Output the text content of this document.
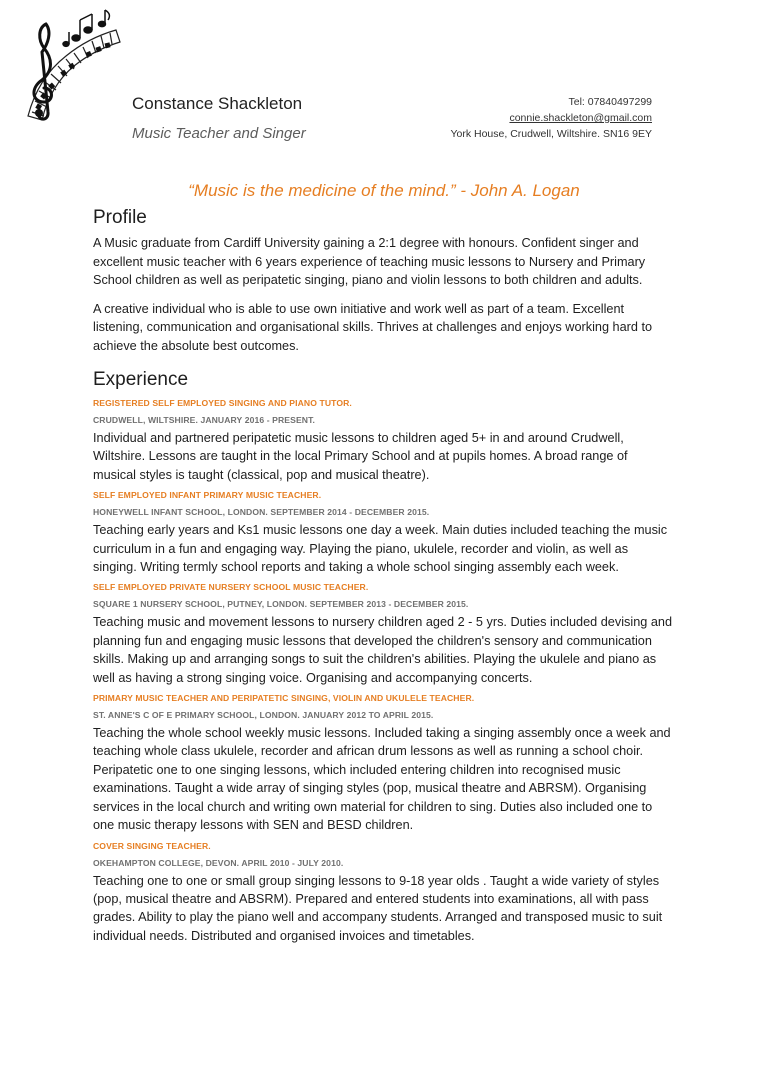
Constance Shackleton
Music Teacher and Singer
Tel: 07840497299
connie.shackleton@gmail.com
York House, Crudwell, Wiltshire. SN16 9EY
“Music is the medicine of the mind.” - John A. Logan
Profile

A Music graduate from Cardiff University gaining a 2:1 degree with honours. Confident singer and excellent music teacher with 6 years experience of teaching music lessons to Nursery and Primary School children as well as peripatetic singing, piano and violin lessons to both children and adults.

A creative individual who is able to use own initiative and work well as part of a team. Excellent listening, communication and organisational skills. Thrives at challenges and enjoys working hard to achieve the absolute best outcomes.

Experience
REGISTERED SELF EMPLOYED SINGING AND PIANO TUTOR.
CRUDWELL, WILTSHIRE. JANUARY 2016 - PRESENT.

Individual and partnered peripatetic music lessons to children aged 5+ in and around Crudwell, Wiltshire. Lessons are taught in the local Primary School and at pupils homes. A broad range of musical styles is taught (classical, pop and musical theatre).

SELF EMPLOYED INFANT PRIMARY MUSIC TEACHER.
HONEYWELL INFANT SCHOOL, LONDON. SEPTEMBER 2014 - DECEMBER 2015.

Teaching early years and Ks1 music lessons one day a week. Main duties included teaching the music curriculum in a fun and engaging way. Playing the piano, ukulele, recorder and violin, as well as singing. Writing termly school reports and taking a whole school singing assembly each week.

SELF EMPLOYED PRIVATE NURSERY SCHOOL MUSIC TEACHER.
SQUARE 1 NURSERY SCHOOL, PUTNEY, LONDON. SEPTEMBER 2013 - DECEMBER 2015.

Teaching music and movement lessons to nursery children aged 2 - 5 yrs. Duties included devising and planning fun and engaging music lessons that developed the children's sensory and communication skills. Making up and arranging songs to suit the children's abilities. Playing the ukulele and piano as well as having a strong singing voice. Organising and accompanying concerts.

PRIMARY MUSIC TEACHER AND PERIPATETIC SINGING, VIOLIN AND UKULELE TEACHER.
ST. ANNE'S C OF E PRIMARY SCHOOL, LONDON. JANUARY 2012 TO APRIL 2015.

Teaching the whole school weekly music lessons. Included taking a singing assembly once a week and teaching whole class ukulele, recorder and african drum lessons as well as running a school choir. Peripatetic one to one singing lessons, which included entering children into recognised music examinations. Taught a wide array of singing styles (pop, musical theatre and ABRSM). Organising services in the local church and writing own material for children to sing. Duties also included one to one music therapy lessons with SEN and BESD children.

COVER SINGING TEACHER.
OKEHAMPTON COLLEGE, DEVON. APRIL 2010 - JULY 2010.

Teaching one to one or small group singing lessons to 9-18 year olds . Taught a wide variety of styles (pop, musical theatre and ABSRM). Prepared and entered students into examinations, all with pass grades. Ability to play the piano well and accompany students. Arranged and transposed music to suit individual needs. Distributed and organised invoices and timetables.
